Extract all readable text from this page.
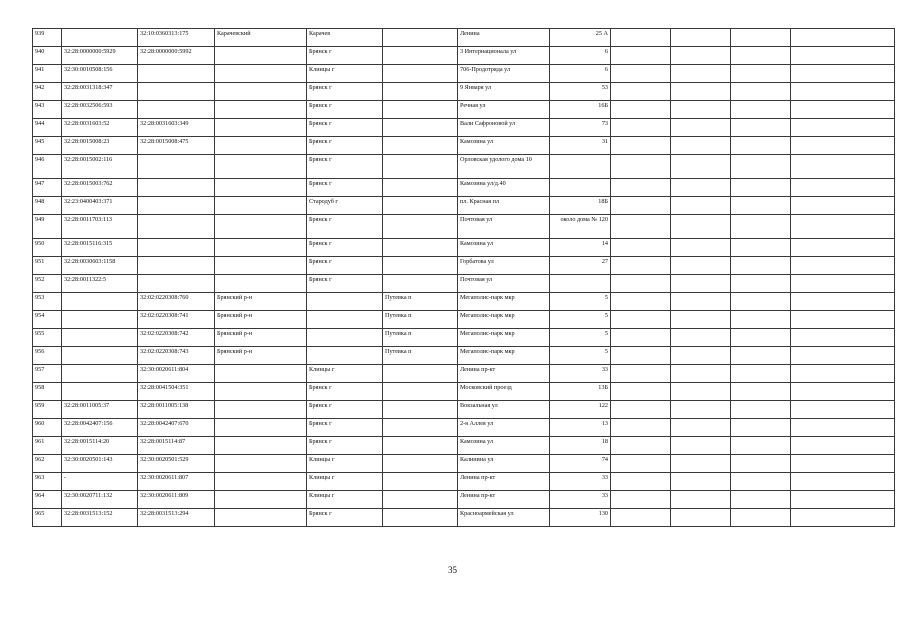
939		32:10:0360313:175	Карачевский	Карачев		Ленина	25 А				
940	32:28:0000000:5929	32:28:0000000:5992		Брянск г		3 Интернационала ул	6				
941	32:30:0010508:156			Клинцы г		706-Продотряда ул	6				
942	32:28:0031318:347			Брянск г		9 Января ул	53				
943	32:28:0032506:593			Брянск г		Речная ул	16Б				
944	32:28:0031603:52	32:28:0031603:349		Брянск г		Вали Сафроновой ул	73				
945	32:28:0015008:23	32:28:0015008:475		Брянск г		Камозина ул	31				
946	32:28:0015002:116			Брянск г		Орловская удолого дома 10					
947	32:28:0015003:762			Брянск г		Камозина ул/д.40					
948	32:23:0400403:371			Стародуб г		пл. Красная пл	18Б				
949	32:28:0011703:113			Брянск г		Почтовая ул	около дома № 120				
950	32:28:0015116:315			Брянск г		Камозина ул	14				
951	32:28:0030603:1158			Брянск г		Горбатова ул	27				
952	32:28:0011322:5			Брянск г		Почтовая ул					
953		32:02:0220308:760	Брянский р-н		Путевка п	Мегаполис-парк мкр	5				
954		32:02:0220308:741	Брянский р-н		Путевка п	Мегаполис-парк мкр	5				
955		32:02:0220308:742	Брянский р-н		Путевка п	Мегаполис-парк мкр	5				
956		32:02:0220308:743	Брянский р-н		Путевка п	Мегаполис-парк мкр	5				
957		32:30:0020611:804		Клинцы г		Ленина пр-кт	33				
958		32:28:0041504:351		Брянск г		Московский проезд	13Б				
959	32:28:0011005:37	32:28:0011005:138		Брянск г		Вокзальная ул	122				
960	32:28:0042407:156	32:28:0042407:670		Брянск г		2-я Аллея ул	13				
961	32:28:0015114:20	32:28:0015114:87		Брянск г		Камозина ул	18				
962	32:30:0020501:143	32:30:0020501:529		Клинцы г		Калинина ул	74				
963	-	32:30:0020611:807		Клинцы г		Ленина пр-кт	33				
964	32:30:0020711:132	32:30:0020611:809		Клинцы г		Ленина пр-кт	33				
965	32:28:0031513:152	32:28:0031513:294		Брянск г		Красноармейская ул	130				
35
